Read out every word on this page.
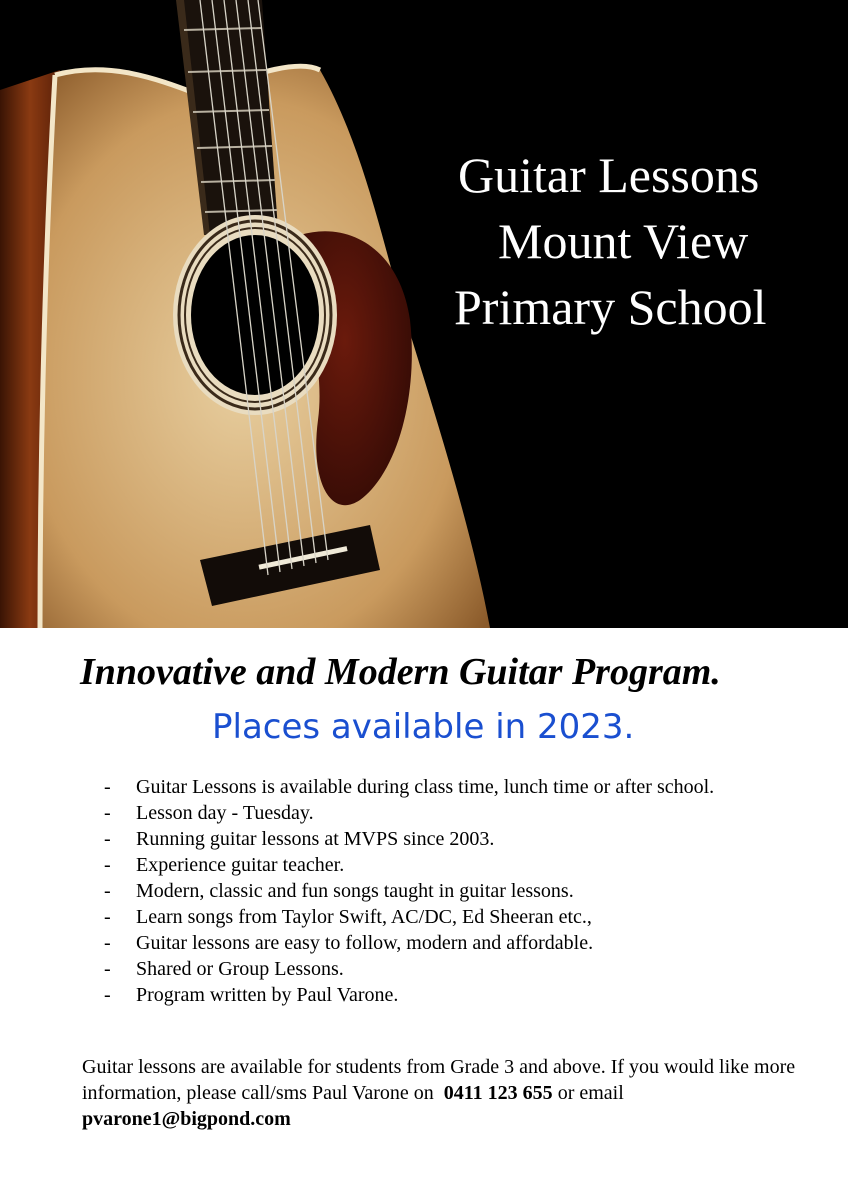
Guitar Lessons
Mount View
Primary School
Innovative and Modern Guitar Program.
Places available in 2023.
- Guitar Lessons is available during class time, lunch time or after school.
- Lesson day - Tuesday.
- Running guitar lessons at MVPS since 2003.
- Experience guitar teacher.
- Modern, classic and fun songs taught in guitar lessons.
- Learn songs from Taylor Swift, AC/DC, Ed Sheeran etc.,
- Guitar lessons are easy to follow, modern and affordable.
- Shared or Group Lessons.
- Program written by Paul Varone.

Guitar lessons are available for students from Grade 3 and above. If you would like more information, please call/sms Paul Varone on 0411 123 655 or email pvarone1@bigpond.com
